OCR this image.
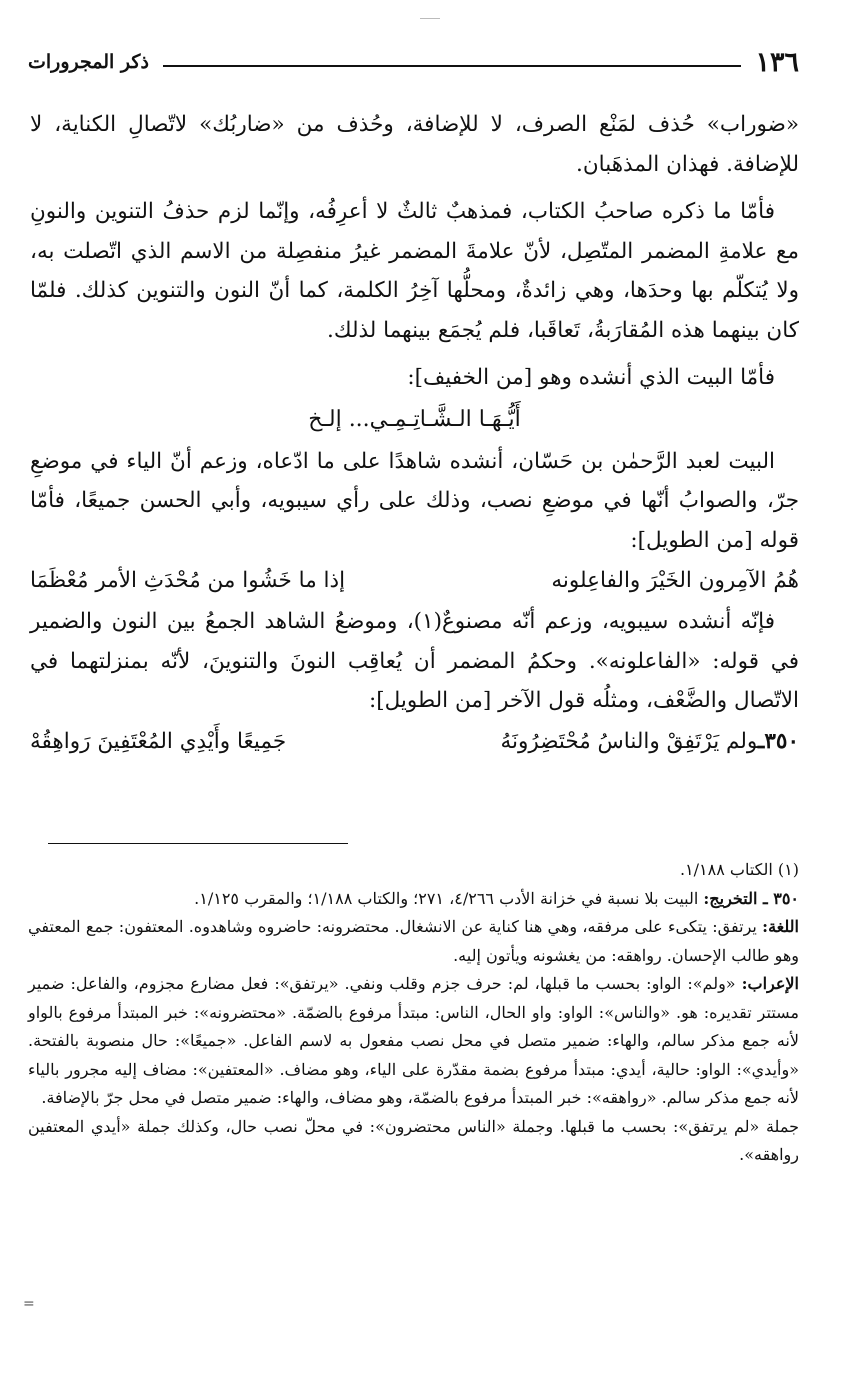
١٣٦
ذكر المجرورات

«ضوراب» حُذف لمَنْع الصرف، لا للإضافة، وحُذف من «ضاربُك» لاتّصالِ الكناية، لا للإضافة. فهذان المذهَبان.

فأمّا ما ذكره صاحبُ الكتاب، فمذهبٌ ثالثٌ لا أعرِفُه، وإنّما لزم حذفُ التنوين والنونِ مع علامةِ المضمر المتّصِل، لأنّ علامةَ المضمر غيرُ منفصِلة من الاسم الذي اتّصلت به، ولا يُتكلّم بها وحدَها، وهي زائدةٌ، ومحلُّها آخِرُ الكلمة، كما أنّ النون والتنوين كذلك. فلمّا كان بينهما هذه المُقارَبةُ، تَعاقَبا، فلم يُجمَع بينهما لذلك.

فأمّا البيت الذي أنشده وهو [من الخفيف]:

أَيُّـهَـا الـشَّـاتِـمِـي... إلـخ

البيت لعبد الرَّحمٰن بن حَسّان، أنشده شاهدًا على ما ادّعاه، وزعم أنّ الياء في موضعِ جرّ، والصوابُ أنّها في موضعِ نصب، وذلك على رأي سيبويه، وأبي الحسن جميعًا، فأمّا قوله [من الطويل]:

هُمُ الآمِرون الخَيْرَ والفاعِلونه
إذا ما خَشُوا من مُحْدَثِ الأمر مُعْظَمَا

فإنّه أنشده سيبويه، وزعم أنّه مصنوعٌ(١)، وموضعُ الشاهد الجمعُ بين النون والضمير في قوله: «الفاعلونه». وحكمُ المضمر أن يُعاقِب النونَ والتنوينَ، لأنّه بمنزلتهما في الاتّصال والضَّعْف، ومثلُه قول الآخر [من الطويل]:

٣٥٠ـولم يَرْتَفِقْ والناسُ مُحْتَضِرُونَهُ
جَمِيعًا وأَيْدِي المُعْتَفِينَ رَواهِقُهْ

(١) الكتاب ١/١٨٨.

٣٥٠ ـ التخريج: البيت بلا نسبة في خزانة الأدب ٤/٢٦٦، ٢٧١؛ والكتاب ١/١٨٨؛ والمقرب ١/١٢٥.

اللغة: يرتفق: يتكىء على مرفقه، وهي هنا كناية عن الانشغال. محتضرونه: حاضروه وشاهدوه. المعتفون: جمع المعتفي وهو طالب الإحسان. رواهقه: من يغشونه ويأتون إليه.

الإعراب: «ولم»: الواو: بحسب ما قبلها، لم: حرف جزم وقلب ونفي. «يرتفق»: فعل مضارع مجزوم، والفاعل: ضمير مستتر تقديره: هو. «والناس»: الواو: واو الحال، الناس: مبتدأ مرفوع بالضمّة. «محتضرونه»: خبر المبتدأ مرفوع بالواو لأنه جمع مذكر سالم، والهاء: ضمير متصل في محل نصب مفعول به لاسم الفاعل. «جميعًا»: حال منصوبة بالفتحة. «وأيدي»: الواو: حالية، أيدي: مبتدأ مرفوع بضمة مقدّرة على الياء، وهو مضاف. «المعتفين»: مضاف إليه مجرور بالياء لأنه جمع مذكر سالم. «رواهقه»: خبر المبتدأ مرفوع بالضمّة، وهو مضاف، والهاء: ضمير متصل في محل جرّ بالإضافة.

جملة «لم يرتفق»: بحسب ما قبلها. وجملة «الناس محتضرون»: في محلّ نصب حال، وكذلك جملة «أيدي المعتفين رواهقه».

=
